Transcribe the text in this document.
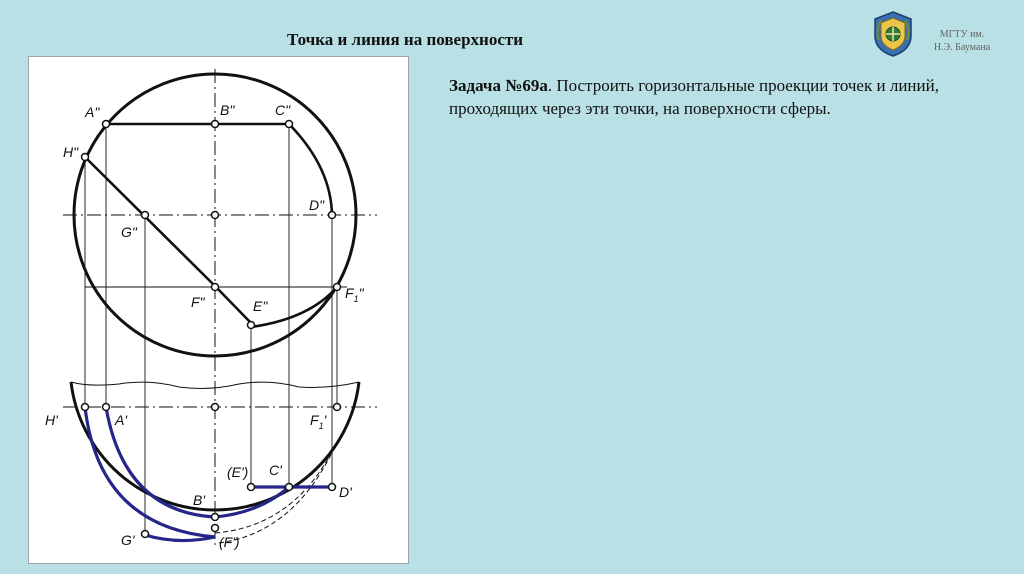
Точка и линия на поверхности	МГТУ им.
Н.Э. Баумана
Задача №69а. Построить горизонтальные проекции точек и линий, проходящих через эти точки, на поверхности сферы.
A"	B"	C"
H"
D"
G"
F"	E"
$F_1$"
H'	A'	$F_1'$
(E') C'
D'
B'
G'	(F')
